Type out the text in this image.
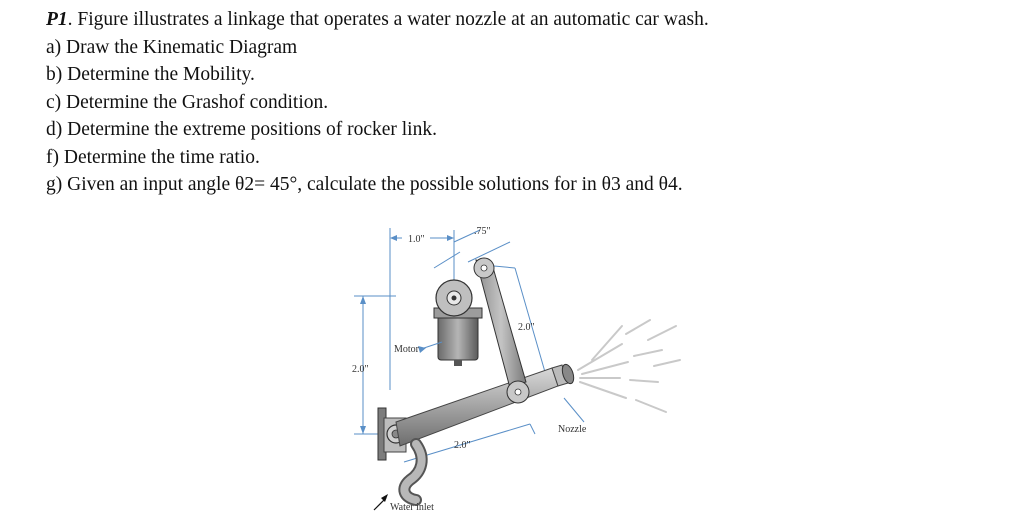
P1. Figure illustrates a linkage that operates a water nozzle at an automatic car wash.
a) Draw the Kinematic Diagram
b) Determine the Mobility.
c) Determine the Grashof condition.
d) Determine the extreme positions of rocker link.
f) Determine the time ratio.
g) Given an input angle θ2= 45°, calculate the possible solutions for in θ3 and θ4.
1.0"
.75"
2.0"
2.0"
2.0"
Motor
Nozzle
Water inlet
